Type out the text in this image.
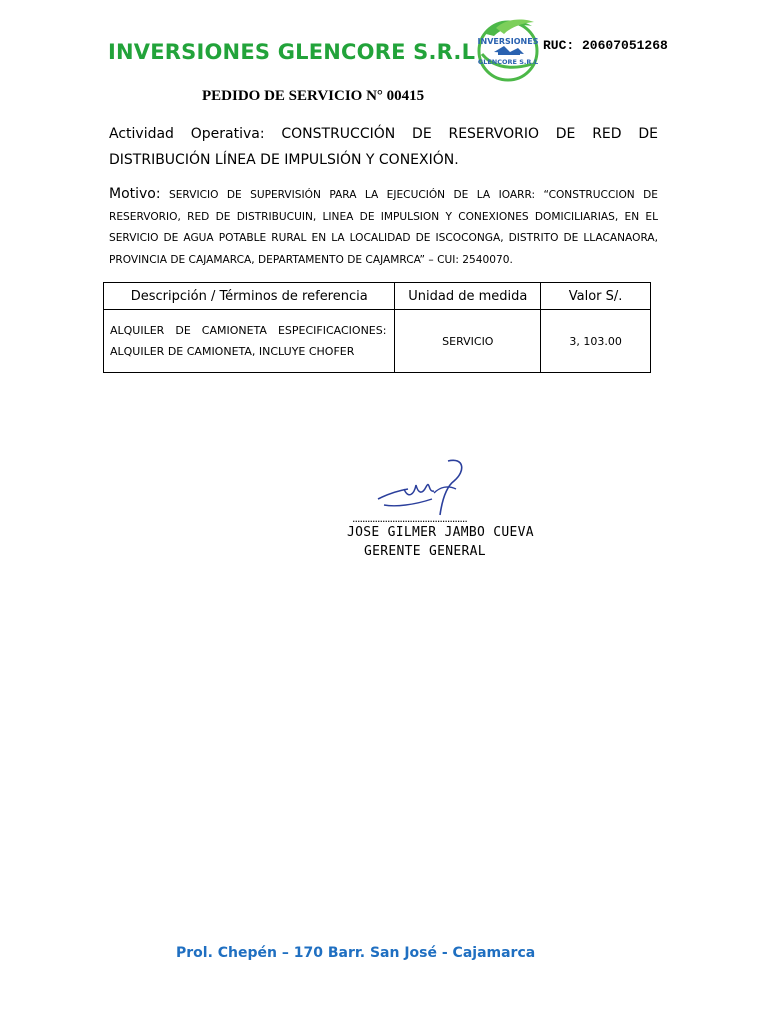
INVERSIONES GLENCORE S.R.L INVERSIONES
GLENCORE S.R.L
RUC: 20607051268
PEDIDO DE SERVICIO N° 00415
Actividad Operativa: CONSTRUCCIÓN DE RESERVORIO DE RED DE DISTRIBUCIÓN LÍNEA DE IMPULSIÓN Y CONEXIÓN.
Motivo: SERVICIO DE SUPERVISIÓN PARA LA EJECUCIÓN DE LA IOARR: “CONSTRUCCION DE RESERVORIO, RED DE DISTRIBUCUIN, LINEA DE IMPULSION Y CONEXIONES DOMICILIARIAS, EN EL SERVICIO DE AGUA POTABLE RURAL EN LA LOCALIDAD DE ISCOCONGA, DISTRITO DE LLACANAORA, PROVINCIA DE CAJAMARCA, DEPARTAMENTO DE CAJAMRCA” – CUI: 2540070.
Descripción / Términos de referencia	Unidad de medida	Valor S/.
ALQUILER DE CAMIONETA ESPECIFICACIONES: ALQUILER DE CAMIONETA, INCLUYE CHOFER	SERVICIO	3, 103.00
..............................................
JOSE GILMER JAMBO CUEVA
GERENTE GENERAL
Prol. Chepén – 170 Barr. San José - Cajamarca
